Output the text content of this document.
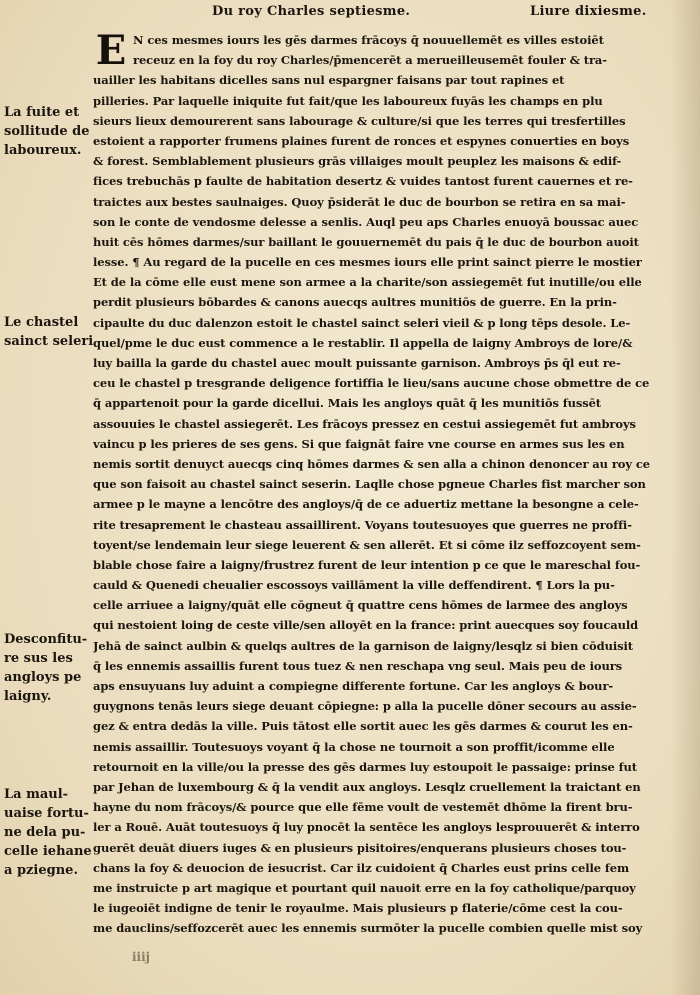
Du roy Charles septiesme.	Liure dixiesme.
La fuite et
sollitude de
laboureux.
Le chastel
sainct seleri
Desconfitu-
re sus les
angloys pe
laigny.
La maul-
uaise fortu-
ne dela pu-
celle iehane
a pziegne.
E N ces mesmes iours les gēs darmes frācoys q̄ nouuellemēt es villes estoiēt
receuz en la foy du roy Charles/p̄mencerēt a merueilleusemēt fouler & tra-
uailler les habitans dicelles sans nul espargner faisans par tout rapines et
pilleries. Par laquelle iniquite fut fait/que les laboureux fuyās les champs en plu
sieurs lieux demourerent sans labourage & culture/si que les terres qui tresfertilles
estoient a rapporter frumens plaines furent de ronces et espynes conuerties en boys
& forest. Semblablement plusieurs grās villaiges moult peuplez les maisons & edif-
fices trebuchās p faulte de habitation desertz & vuides tantost furent cauernes et re-
traictes aux bestes saulnaiges. Quoy p̄siderāt le duc de bourbon se retira en sa mai-
son le conte de vendosme delesse a senlis. Auql peu aps Charles enuoyā boussac auec
huit cēs hōmes darmes/sur baillant le gouuernemēt du pais q̄ le duc de bourbon auoit
lesse. ¶ Au regard de la pucelle en ces mesmes iours elle print sainct pierre le mostier
Et de la cōme elle eust mene son armee a la charite/son assiegemēt fut inutille/ou elle
perdit plusieurs bōbardes & canons auecqs aultres munitiōs de guerre. En la prin-
cipaulte du duc dalenzon estoit le chastel sainct seleri vieil & p long tēps desole. Le-
quel/pme le duc eust commence a le restablir. Il appella de laigny Ambroys de lore/&
luy bailla la garde du chastel auec moult puissante garnison. Ambroys p̄s q̄l eut re-
ceu le chastel p tresgrande deligence fortiffia le lieu/sans aucune chose obmettre de ce
q̄ appartenoit pour la garde dicellui. Mais les angloys quāt q̄ les munitiōs fussēt
assouuies le chastel assiegerēt. Les frācoys pressez en cestui assiegemēt fut ambroys
vaincu p les prieres de ses gens. Si que faignāt faire vne course en armes sus les en
nemis sortit denuyct auecqs cinq hōmes darmes & sen alla a chinon denoncer au roy ce
que son faisoit au chastel sainct seserin. Laqlle chose pgneue Charles fist marcher son
armee p le mayne a lencōtre des angloys/q̄ de ce aduertiz mettane la besongne a cele-
rite tresaprement le chasteau assaillirent. Voyans toutesuoyes que guerres ne proffi-
toyent/se lendemain leur siege leuerent & sen allerēt. Et si cōme ilz seffozcoyent sem-
blable chose faire a laigny/frustrez furent de leur intention p ce que le mareschal fou-
cauld & Quenedi cheualier escossoys vaillāment la ville deffendirent. ¶ Lors la pu-
celle arriuee a laigny/quāt elle cōgneut q̄ quattre cens hōmes de larmee des angloys
qui nestoient loing de ceste ville/sen alloyēt en la france: print auecques soy foucauld
Jehā de sainct aulbin & quelqs aultres de la garnison de laigny/lesqlz si bien cōduisit
q̄ les ennemis assaillis furent tous tuez & nen reschapa vng seul. Mais peu de iours
aps ensuyuans luy aduint a compiegne differente fortune. Car les angloys & bour-
guygnons tenās leurs siege deuant cōpiegne: p alla la pucelle dōner secours au assie-
gez & entra dedās la ville. Puis tātost elle sortit auec les gēs darmes & courut les en-
nemis assaillir. Toutesuoys voyant q̄ la chose ne tournoit a son proffit/icomme elle
retournoit en la ville/ou la presse des gēs darmes luy estoupoit le passaige: prinse fut
par Jehan de luxembourg & q̄ la vendit aux angloys. Lesqlz cruellement la traictant en
hayne du nom frācoys/& pource que elle fēme voult de vestemēt dhōme la firent bru-
ler a Rouē. Auāt toutesuoys q̄ luy pnocēt la sentēce les angloys lesprouuerēt & interro
guerēt deuāt diuers iuges & en plusieurs pisitoires/enquerans plusieurs choses tou-
chans la foy & deuocion de iesucrist. Car ilz cuidoient q̄ Charles eust prins celle fem
me instruicte p art magique et pourtant quil nauoit erre en la foy catholique/parquoy
le iugeoiēt indigne de tenir le royaulme. Mais plusieurs p flaterie/cōme cest la cou-
me dauclins/seffozcerēt auec les ennemis surmōter la pucelle combien quelle mist soy
iiij
